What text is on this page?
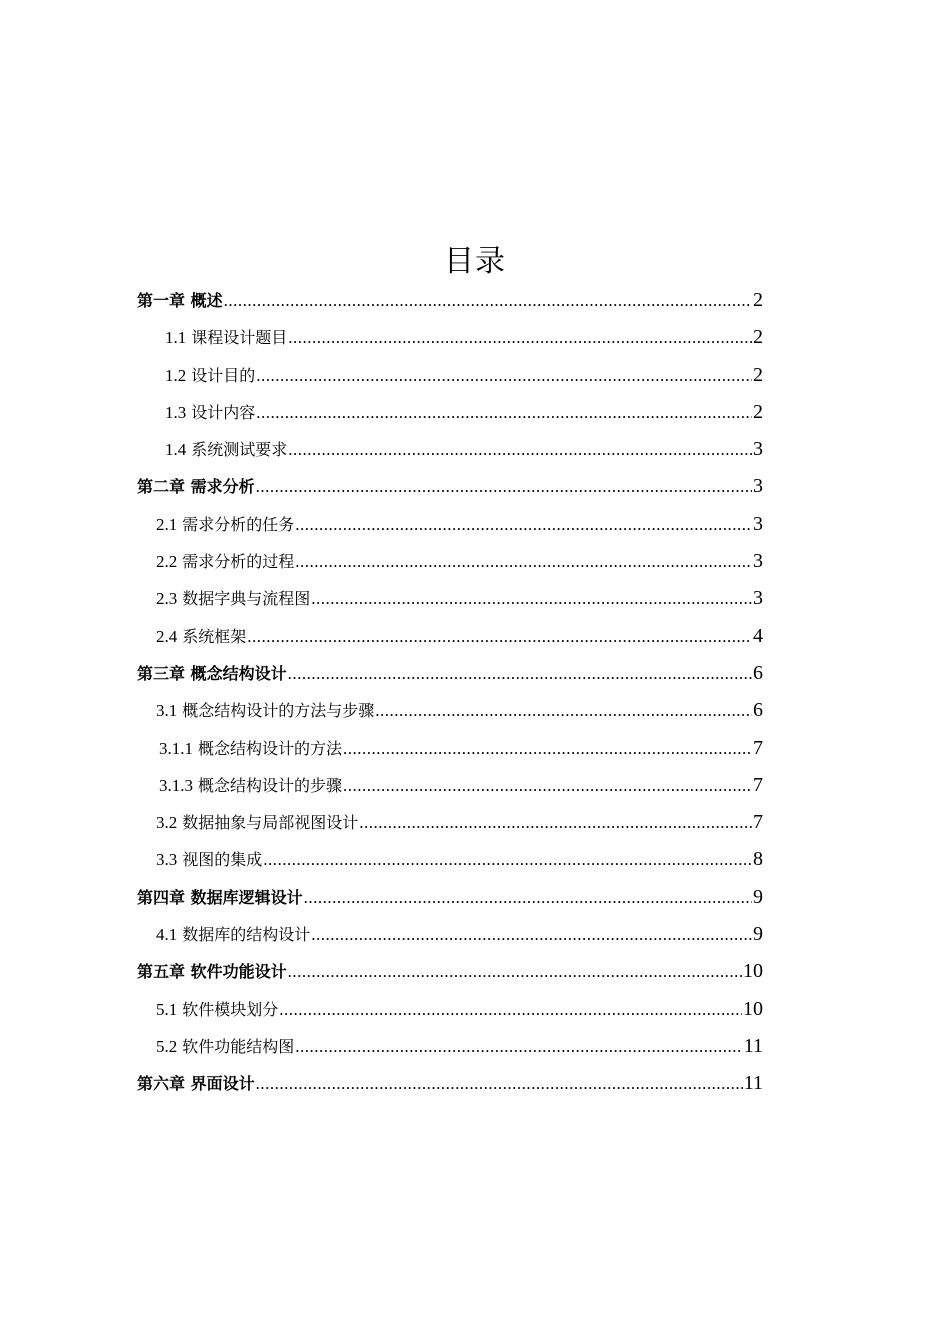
目录
第一章 概述 .....	2
1.1 课程设计题目 .....	2
1.2 设计目的 .....	2
1.3 设计内容 .....	2
1.4 系统测试要求 .....	3
第二章 需求分析 .....	3
2.1 需求分析的任务 .....	3
2.2 需求分析的过程 .....	3
2.3 数据字典与流程图 .....	3
2.4 系统框架 .....	4
第三章 概念结构设计 .....	6
3.1 概念结构设计的方法与步骤 .....	6
3.1.1 概念结构设计的方法 .....	7
3.1.3 概念结构设计的步骤 .....	7
3.2 数据抽象与局部视图设计 .....	7
3.3 视图的集成 .....	8
第四章 数据库逻辑设计 .....	9
4.1 数据库的结构设计 .....	9
第五章 软件功能设计 .....	10
5.1 软件模块划分 .....	10
5.2 软件功能结构图 .....	11
第六章 界面设计 .....	11
